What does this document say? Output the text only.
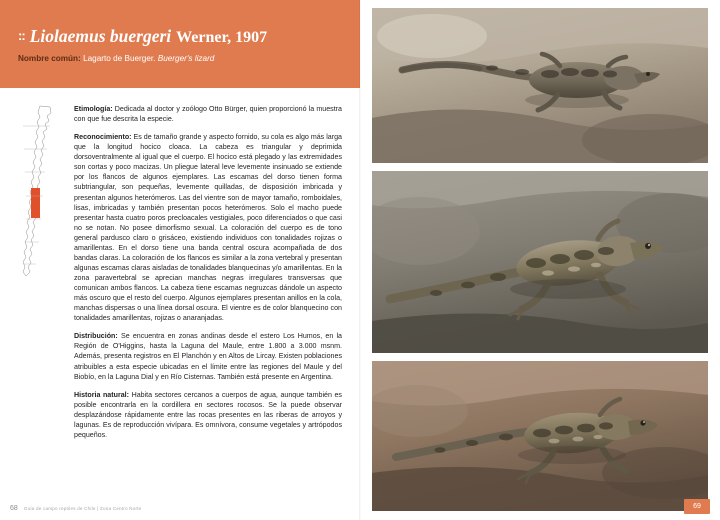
:: Liolaemus buergeri Werner, 1907
Nombre común: Lagarto de Buerger. Buerger's lizard

Etimología: Dedicada al doctor y zoólogo Otto Bürger, quien proporcionó la muestra con que fue descrita la especie.

Reconocimiento: Es de tamaño grande y aspecto fornido, su cola es algo más larga que la longitud hocico cloaca. La cabeza es triangular y deprimida dorsoventralmente al igual que el cuerpo. El hocico está plegado y las extremidades son cortas y poco macizas. Un pliegue lateral leve levemente insinuado se extiende por los flancos de algunos ejemplares. Las escamas del dorso tienen forma subtriangular, son pequeñas, levemente quilladas, de disposición imbricada y presentan algunos heterómeros. Las del vientre son de mayor tamaño, romboidales, lisas, imbricadas y también presentan pocos heterómeros. Solo el macho puede presentar hasta cuatro poros precloacales vestigiales, poco diferenciados o que casi no se notan. No posee dimorfismo sexual. La coloración del cuerpo es de tono general pardusco claro o grisáceo, existiendo individuos con tonalidades rojizas o amarillentas. En el dorso tiene una banda central oscura acompañada de dos bandas claras. La coloración de los flancos es similar a la zona vertebral y presentan algunas escamas claras aisladas de tonalidades blanquecinas y/o amarillentas. En la zona paravertebral se aprecian manchas negras irregulares transversas que comunican ambos flancos. La cabeza tiene escamas negruzcas dándole un aspecto más oscuro que el resto del cuerpo. Algunos ejemplares presentan anillos en la cola, manchas dispersas o una línea dorsal oscura. El vientre es de color blanquecino con tonalidades amarillentas, rojizas o anaranjadas.

Distribución: Se encuentra en zonas andinas desde el estero Los Humos, en la Región de O'Higgins, hasta la Laguna del Maule, entre 1.800 a 3.000 msnm. Además, presenta registros en El Planchón y en Altos de Lircay. Existen poblaciones atribuibles a esta especie ubicadas en el límite entre las regiones del Maule y del Biobío, en la Laguna Dial y en Río Cisternas. También está presente en Argentina.

Historia natural: Habita sectores cercanos a cuerpos de agua, aunque también es posible encontrarla en la cordillera en sectores rocosos. Se la puede observar desplazándose rápidamente entre las rocas presentes en las riberas de arroyos y lagunas. Es de reproducción vivípara. Es omnívora, consume vegetales y artrópodos pequeños.

68 Guía de campo reptiles de Chile | Zona Centro Norte	69
